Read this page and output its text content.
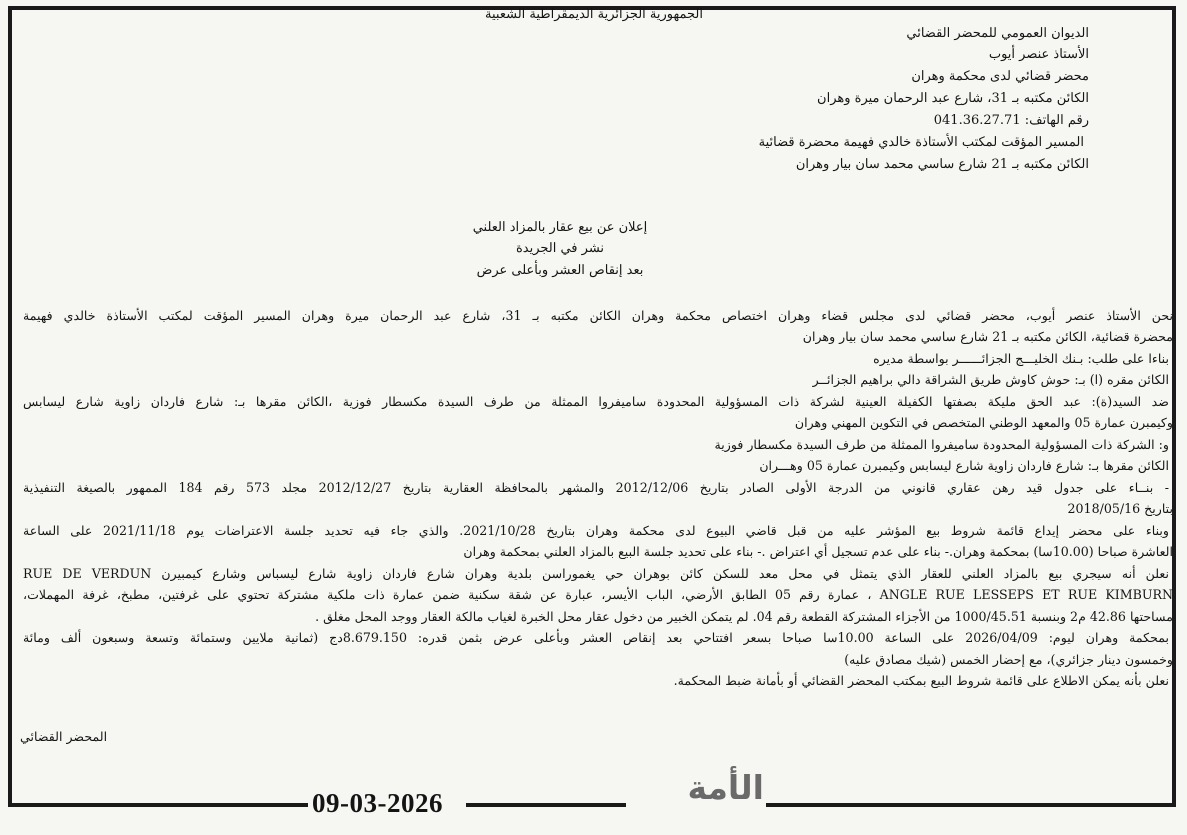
الجمهورية الجزائرية الديمقراطية الشعبية
الديوان العمومي للمحضر القضائي
الأستاذ عنصر أيوب
محضر قضائي لدى محكمة وهران
الكائن مكتبه بـ 31، شارع عبد الرحمان ميرة وهران
رقم الهاتف: 041.36.27.71
المسير المؤقت لمكتب الأستاذة خالدي فهيمة محضرة قضائية
الكائن مكتبه بـ 21 شارع ساسي محمد سان بيار وهران
إعلان عن بيع عقار بالمزاد العلني
نشر في الجريدة
بعد إنقاص العشر وبأعلى عرض
نحن الأستاذ عنصر أيوب، محضر قضائي لدى مجلس قضاء وهران اختصاص محكمة وهران الكائن مكتبه بـ 31، شارع عبد الرحمان ميرة وهران المسير المؤقت لمكتب الأستاذة خالدي فهيمة
محضرة قضائية، الكائن مكتبه بـ 21 شارع ساسي محمد سان بيار وهران
بناءا على طلب: بـنك الخليـــج الجزائــــــر بواسطة مديره
الكائن مقره (ا) بـ: حوش كاوش طريق الشراقة دالي براهيم الجزائــر
ضد السيد(ة): عبد الحق مليكة بصفتها الكفيلة العينية لشركة ذات المسؤولية المحدودة ساميفروا الممثلة من طرف السيدة مكسطار فوزية ،الكائن مقرها بـ: شارع فاردان زاوية شارع ليسابس
وكيمبرن عمارة 05 والمعهد الوطني المتخصص في التكوين المهني وهران
و: الشركة ذات المسؤولية المحدودة ساميفروا الممثلة من طرف السيدة مكسطار فوزية
الكائن مقرها بـ: شارع فاردان زاوية شارع ليسابس وكيمبرن عمارة 05 وهـــران
- بنــاء على جدول قيد رهن عقاري قانوني من الدرجة الأولى الصادر بتاريخ 2012/12/06 والمشهر بالمحافظة العقارية بتاريخ 2012/12/27 مجلد 573 رقم 184 الممهور بالصيغة التنفيذية
بتاريخ 2018/05/16
وبناء على محضر إيداع قائمة شروط بيع المؤشر عليه من قبل قاضي البيوع لدى محكمة وهران بتاريخ 2021/10/28. والذي جاء فيه تحديد جلسة الاعتراضات يوم 2021/11/18 على الساعة
العاشرة صباحا (10.00سا) بمحكمة وهران.- بناء على عدم تسجيل أي اعتراض .- بناء على تحديد جلسة البيع بالمزاد العلني بمحكمة وهران
نعلن أنه سيجري بيع بالمزاد العلني للعقار الذي يتمثل في محل معد للسكن كائن بوهران حي يغموراسن بلدية وهران شارع فاردان زاوية شارع ليسباس وشارع كيمبيرن RUE DE VERDUN
ANGLE RUE LESSEPS ET RUE KIMBURN ، عمارة رقم 05 الطابق الأرضي، الباب الأيسر، عبارة عن شقة سكنية ضمن عمارة ذات ملكية مشتركة تحتوي على غرفتين، مطبخ، غرفة المهملات،
مساحتها 42.86 م2 وبنسبة 1000/45.51 من الأجزاء المشتركة القطعة رقم 04. لم يتمكن الخبير من دخول عقار محل الخبرة لغياب مالكة العقار ووجد المحل مغلق .
بمحكمة وهران ليوم: 2026/04/09 على الساعة 10.00سا صباحا بسعر افتتاحي بعد إنقاص العشر وبأعلى عرض بثمن قدره: 8.679.150دج (ثمانية ملايين وستمائة وتسعة وسبعون ألف ومائة
وخمسون دينار جزائري)، مع إحضار الخمس (شيك مصادق عليه)
نعلن بأنه يمكن الاطلاع على قائمة شروط البيع بمكتب المحضر القضائي أو بأمانة ضبط المحكمة.
المحضر القضائي
09-03-2026	الأمة
